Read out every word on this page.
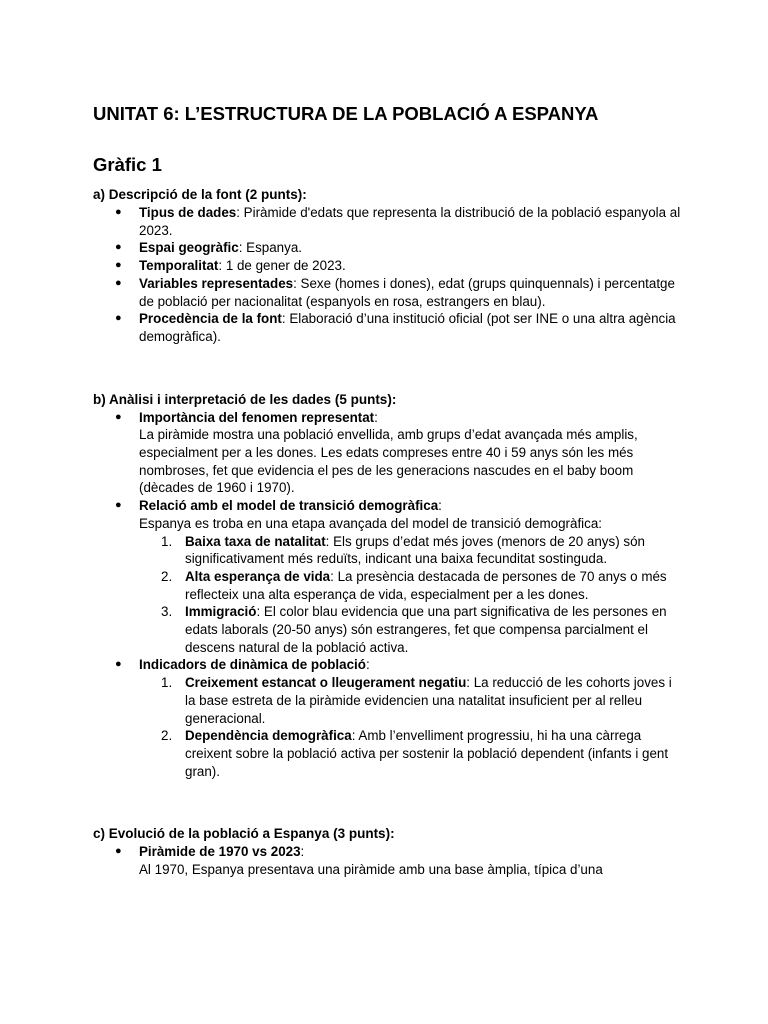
UNITAT 6: L’ESTRUCTURA DE LA POBLACIÓ A ESPANYA
Gràfic 1
a) Descripció de la font (2 punts):
● Tipus de dades: Piràmide d'edats que representa la distribució de la població espanyola al 2023.
● Espai geogràfic: Espanya.
● Temporalitat: 1 de gener de 2023.
● Variables representades: Sexe (homes i dones), edat (grups quinquennals) i percentatge de població per nacionalitat (espanyols en rosa, estrangers en blau).
● Procedència de la font: Elaboració d’una institució oficial (pot ser INE o una altra agència demogràfica).
b) Anàlisi i interpretació de les dades (5 punts):
● Importància del fenomen representat:
La piràmide mostra una població envellida, amb grups d’edat avançada més amplis, especialment per a les dones. Les edats compreses entre 40 i 59 anys són les més nombroses, fet que evidencia el pes de les generacions nascudes en el baby boom (dècades de 1960 i 1970).
● Relació amb el model de transició demogràfica:
Espanya es troba en una etapa avançada del model de transició demogràfica:
1. Baixa taxa de natalitat: Els grups d’edat més joves (menors de 20 anys) són significativament més reduïts, indicant una baixa fecunditat sostinguda.
2. Alta esperança de vida: La presència destacada de persones de 70 anys o més reflecteix una alta esperança de vida, especialment per a les dones.
3. Immigració: El color blau evidencia que una part significativa de les persones en edats laborals (20-50 anys) són estrangeres, fet que compensa parcialment el descens natural de la població activa.
● Indicadors de dinàmica de població:
1. Creixement estancat o lleugerament negatiu: La reducció de les cohorts joves i la base estreta de la piràmide evidencien una natalitat insuficient per al relleu generacional.
2. Dependència demogràfica: Amb l’envelliment progressiu, hi ha una càrrega creixent sobre la població activa per sostenir la població dependent (infants i gent gran).
c) Evolució de la població a Espanya (3 punts):
● Piràmide de 1970 vs 2023:
Al 1970, Espanya presentava una piràmide amb una base àmplia, típica d’una
